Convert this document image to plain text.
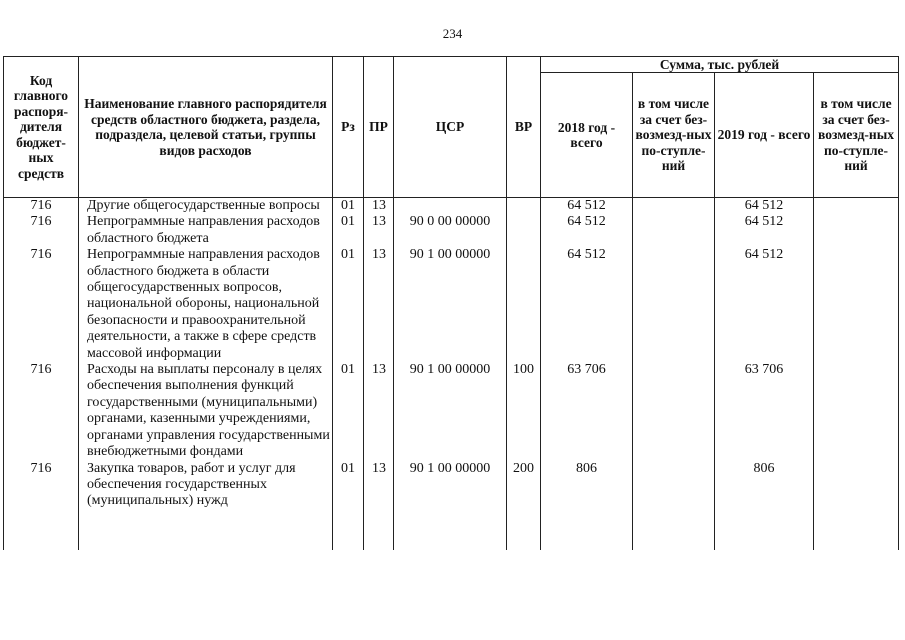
234
Код главного распоря-дителя бюджет-ных средств	Наименование главного распорядителя средств областного бюджета, раздела, подраздела, целевой статьи, группы видов расходов	Рз	ПР	ЦСР	ВР	Сумма, тыс. рублей			
						2018 год - всего	в том числе за счет без-возмезд-ных по-ступле-ний	2019 год - всего	в том числе за счет без-возмезд-ных по-ступле-ний
716	Другие общегосударственные вопросы	01	13			64 512		64 512	
716	Непрограммные направления расходов областного бюджета	01	13	90 0 00 00000		64 512		64 512	
716	Непрограммные направления расходов областного бюджета в области общегосударственных вопросов, национальной обороны, национальной безопасности и правоохранительной деятельности, а также в сфере средств массовой информации	01	13	90 1 00 00000		64 512		64 512	
716	Расходы на выплаты персоналу в целях обеспечения выполнения функций государственными (муниципальными) органами, казенными учреждениями, органами управления государственными внебюджетными фондами	01	13	90 1 00 00000	100	63 706		63 706	
716	Закупка товаров, работ и услуг для обеспечения государственных (муниципальных) нужд	01	13	90 1 00 00000	200	806		806	
